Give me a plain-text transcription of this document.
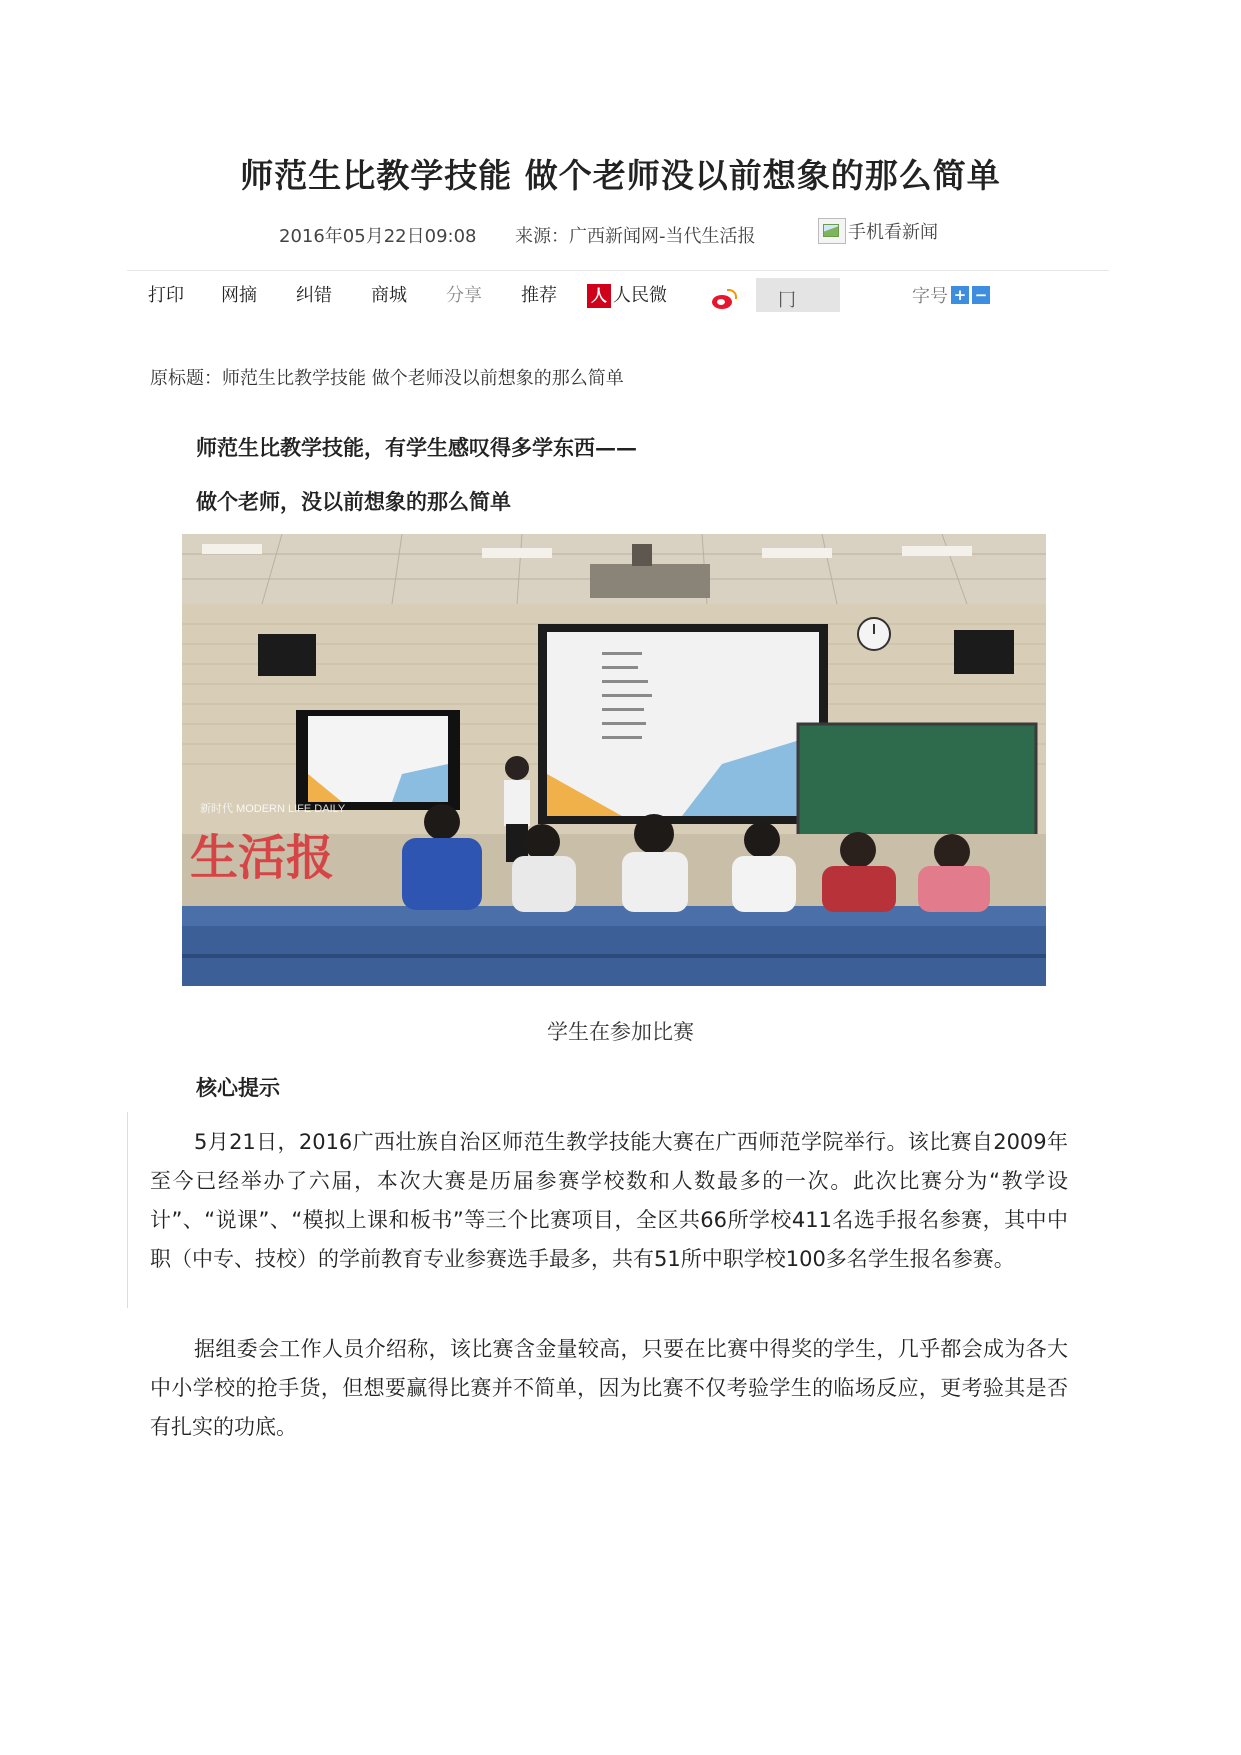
师范生比教学技能 做个老师没以前想象的那么简单
2016年05月22日09:08 来源：广西新闻网-当代生活报	手机看新闻
打印 网摘 纠错 商城 分享 推荐 人 人民微	冂	字号 + −
原标题：师范生比教学技能 做个老师没以前想象的那么简单
师范生比教学技能，有学生感叹得多学东西——
做个老师，没以前想象的那么简单
新时代 MODERN LIFE DAILY
生活报
学生在参加比赛
核心提示

5月21日，2016广西壮族自治区师范生教学技能大赛在广西师范学院举行。该比赛自2009年至今已经举办了六届，本次大赛是历届参赛学校数和人数最多的一次。此次比赛分为“教学设计”、“说课”、“模拟上课和板书”等三个比赛项目，全区共66所学校411名选手报名参赛，其中中职（中专、技校）的学前教育专业参赛选手最多，共有51所中职学校100多名学生报名参赛。

据组委会工作人员介绍称，该比赛含金量较高，只要在比赛中得奖的学生，几乎都会成为各大中小学校的抢手货，但想要赢得比赛并不简单，因为比赛不仅考验学生的临场反应，更考验其是否有扎实的功底。
